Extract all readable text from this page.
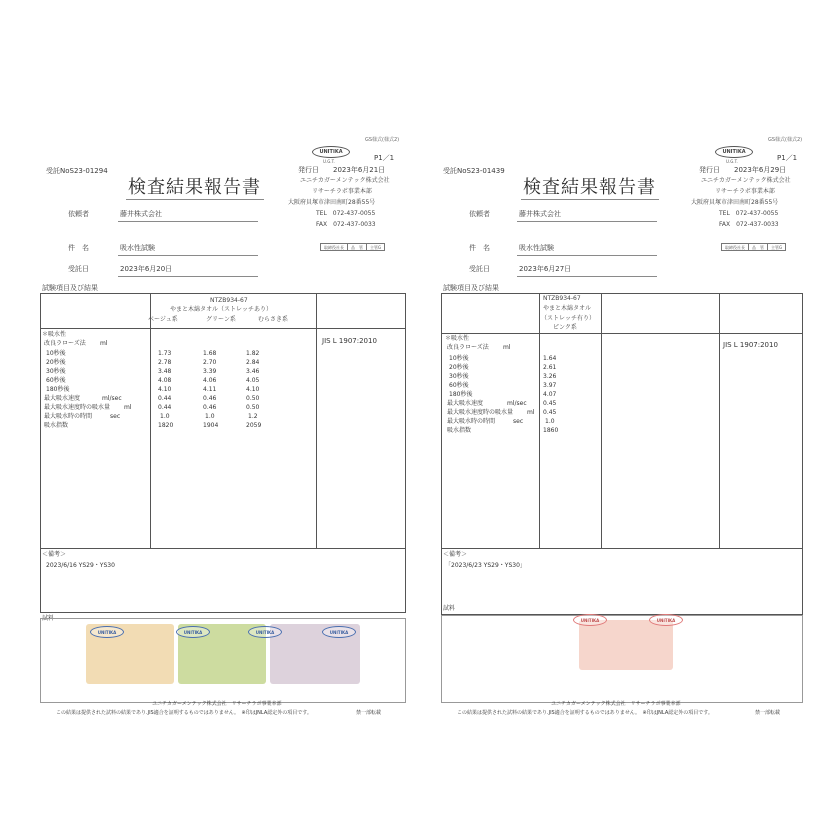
GS様式(様式2)
UNITIKA
U.G.T.
受託NoS23-01294
P1／1
発行日　　2023年6月21日
ユニチカガーメンテック株式会社
検査結果報告書	リサーチラボ事業本部
大阪府貝塚市津田南町28番55号
TEL　072-437-0055
FAX　072-437-0033
依頼者	藤井株式会社
取締役社長	品　管	主管G
件　名	吸水性試験
受託日	2023年6月20日
試験項目及び結果
NTZB934-67
やまと木綿タオル（ストレッチあり）
ベージュ系	グリーン系	むらさき系
＊吸水性
改良ラローズ法 ml	JIS L 1907:2010
10秒後	1.73	1.68	1.82
20秒後	2.78	2.70	2.84
30秒後	3.48	3.39	3.46
60秒後	4.08	4.06	4.05
180秒後	4.10	4.11	4.10
最大吸水速度	ml/sec	0.44	0.46	0.50
最大吸水速度時の吸水量 ml	0.44	0.46	0.50
最大吸水時の時間	sec	1.0	1.0	1.2
吸水指数	1820	1904	2059
＜備考＞
2023/6/16 YS29・YS30
試料
UNITIKA	UNITIKA	UNITIKA	UNITIKA
ユニチカガーメンテック株式会社　リサーチラボ事業本部
この結果は提供された試料の結果であり.JIS適合を証明するものではありません。　※印はJNLA認定外の項目です。	禁一部転載
GS様式(様式2)
UNITIKA
U.G.T.
受託NoS23-01439
P1／1
発行日　　2023年6月29日
ユニチカガーメンテック株式会社
検査結果報告書	リサーチラボ事業本部
大阪府貝塚市津田南町28番55号
TEL　072-437-0055
FAX　072-437-0033
依頼者	藤井株式会社
取締役社長	品　管	主管G
件　名	吸水性試験
受託日	2023年6月27日
試験項目及び結果
NTZB934-67
やまと木綿タオル
（ストレッチ有り）
ピンク系
＊吸水性
改良ラローズ法 ml	JIS L 1907:2010
10秒後	1.64
20秒後	2.61
30秒後	3.26
60秒後	3.97
180秒後	4.07
最大吸水速度	ml/sec	0.45
最大吸水速度時の吸水量 ml 0.45
最大吸水時の時間	sec	1.0
吸水指数	1860
＜備考＞
「2023/6/23 YS29・YS30」
試料
UNITIKA	UNITIKA
ユニチカガーメンテック株式会社　リサーチラボ事業本部
この結果は提供された試料の結果であり.JIS適合を証明するものではありません。　※印はJNLA認定外の項目です。	禁一部転載
